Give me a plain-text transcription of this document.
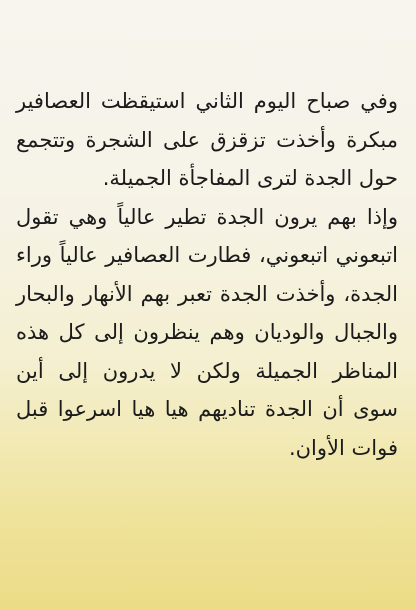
وفي صباح اليوم الثاني استيقظت العصافير مبكرة وأخذت تزقزق على الشجرة وتتجمع حول الجدة لترى المفاجأة الجميلة.

وإذا بهم يرون الجدة تطير عالياً وهي تقول اتبعوني اتبعوني، فطارت العصافير عالياً وراء الجدة، وأخذت الجدة تعبر بهم الأنهار والبحار والجبال والوديان وهم ينظرون إلى كل هذه المناظر الجميلة ولكن لا يدرون إلى أين سوى أن الجدة تناديهم هيا هيا اسرعوا قبل فوات الأوان.
